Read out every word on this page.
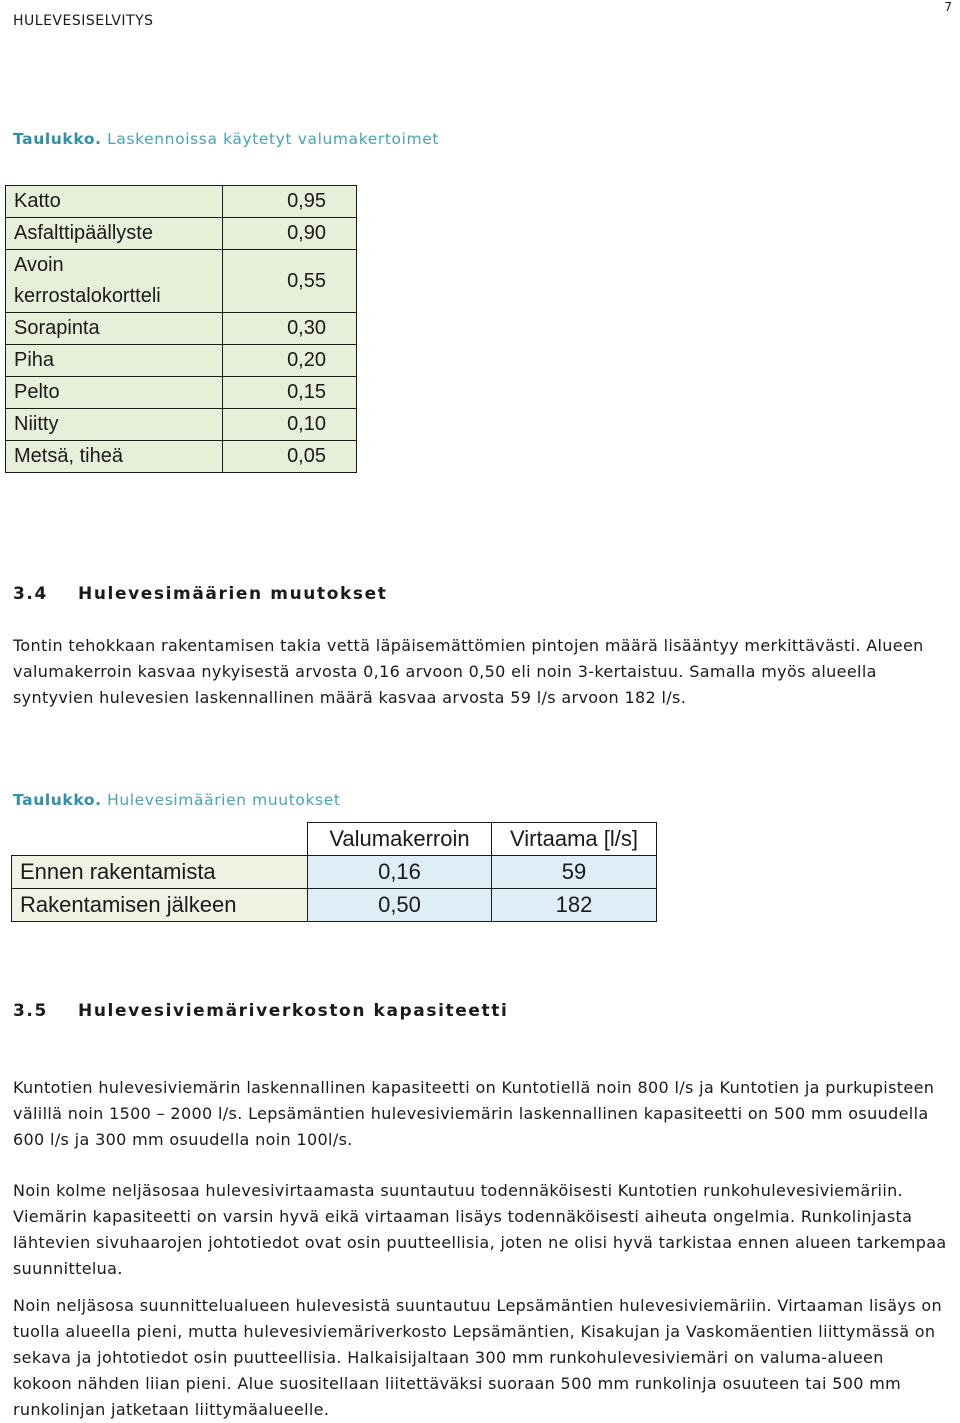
HULEVESISELVITYS
7
Taulukko. Laskennoissa käytetyt valumakertoimet
Katto	0,95
Asfalttipäällyste	0,90
Avoin kerrostalokortteli	0,55
Sorapinta	0,30
Piha	0,20
Pelto	0,15
Niitty	0,10
Metsä, tiheä	0,05
3.4 Hulevesimäärien muutokset

Tontin tehokkaan rakentamisen takia vettä läpäisemättömien pintojen määrä lisääntyy merkittävästi. Alueen valumakerroin kasvaa nykyisestä arvosta 0,16 arvoon 0,50 eli noin 3-kertaistuu. Samalla myös alueella syntyvien hulevesien laskennallinen määrä kasvaa arvosta 59 l/s arvoon 182 l/s.

Taulukko. Hulevesimäärien muutokset
	Valumakerroin	Virtaama [l/s]
Ennen rakentamista	0,16	59
Rakentamisen jälkeen	0,50	182
3.5 Hulevesiviemäriverkoston kapasiteetti

Kuntotien hulevesiviemärin laskennallinen kapasiteetti on Kuntotiellä noin 800 l/s ja Kuntotien ja purkupisteen välillä noin 1500 – 2000 l/s. Lepsämäntien hulevesiviemärin laskennallinen kapasiteetti on 500 mm osuudella 600 l/s ja 300 mm osuudella noin 100l/s.

Noin kolme neljäsosaa hulevesivirtaamasta suuntautuu todennäköisesti Kuntotien runkohulevesiviemäriin. Viemärin kapasiteetti on varsin hyvä eikä virtaaman lisäys todennäköisesti aiheuta ongelmia. Runkolinjasta lähtevien sivuhaarojen johtotiedot ovat osin puutteellisia, joten ne olisi hyvä tarkistaa ennen alueen tarkempaa suunnittelua.

Noin neljäsosa suunnittelualueen hulevesistä suuntautuu Lepsämäntien hulevesiviemäriin. Virtaaman lisäys on tuolla alueella pieni, mutta hulevesiviemäriverkosto Lepsämäntien, Kisakujan ja Vaskomäentien liittymässä on sekava ja johtotiedot osin puutteellisia. Halkaisijaltaan 300 mm runkohulevesiviemäri on valuma-alueen kokoon nähden liian pieni. Alue suositellaan liitettäväksi suoraan 500 mm runkolinja osuuteen tai 500 mm runkolinjan jatketaan liittymäalueelle.
